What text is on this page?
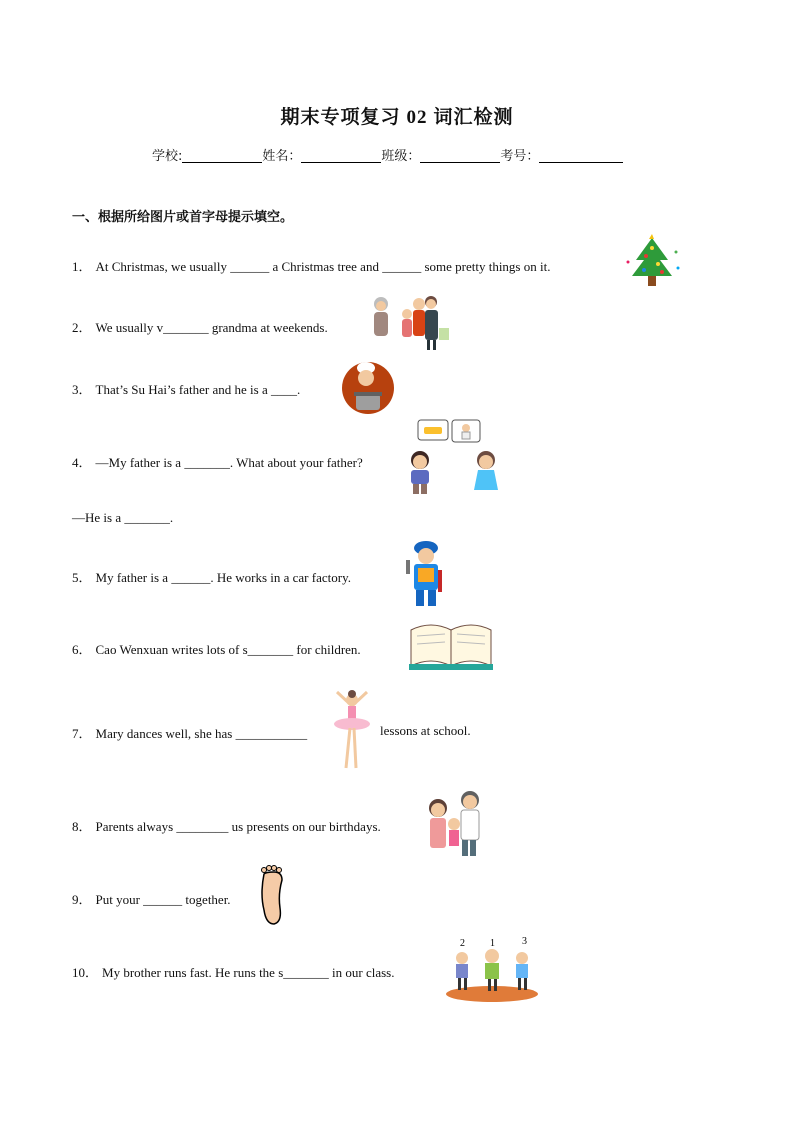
期末专项复习 02 词汇检测
学校:	姓名：	班级：	考号：
一、根据所给图片或首字母提示填空。
1． At Christmas, we usually ______ a Christmas tree and ______ some pretty things on it.
2． We usually v_______ grandma at weekends.
3． That’s Su Hai’s father and he is a ____.
4． —My father is a _______. What about your father?
—He is a _______.
5． My father is a ______. He works in a car factory.
6． Cao Wenxuan writes lots of s_______ for children.
7． Mary dances well, she has ___________	lessons at school.
8． Parents always ________ us presents on our birthdays.
9． Put your ______ together.
10． My brother runs fast. He runs the s_______ in our class.
2	1	3
